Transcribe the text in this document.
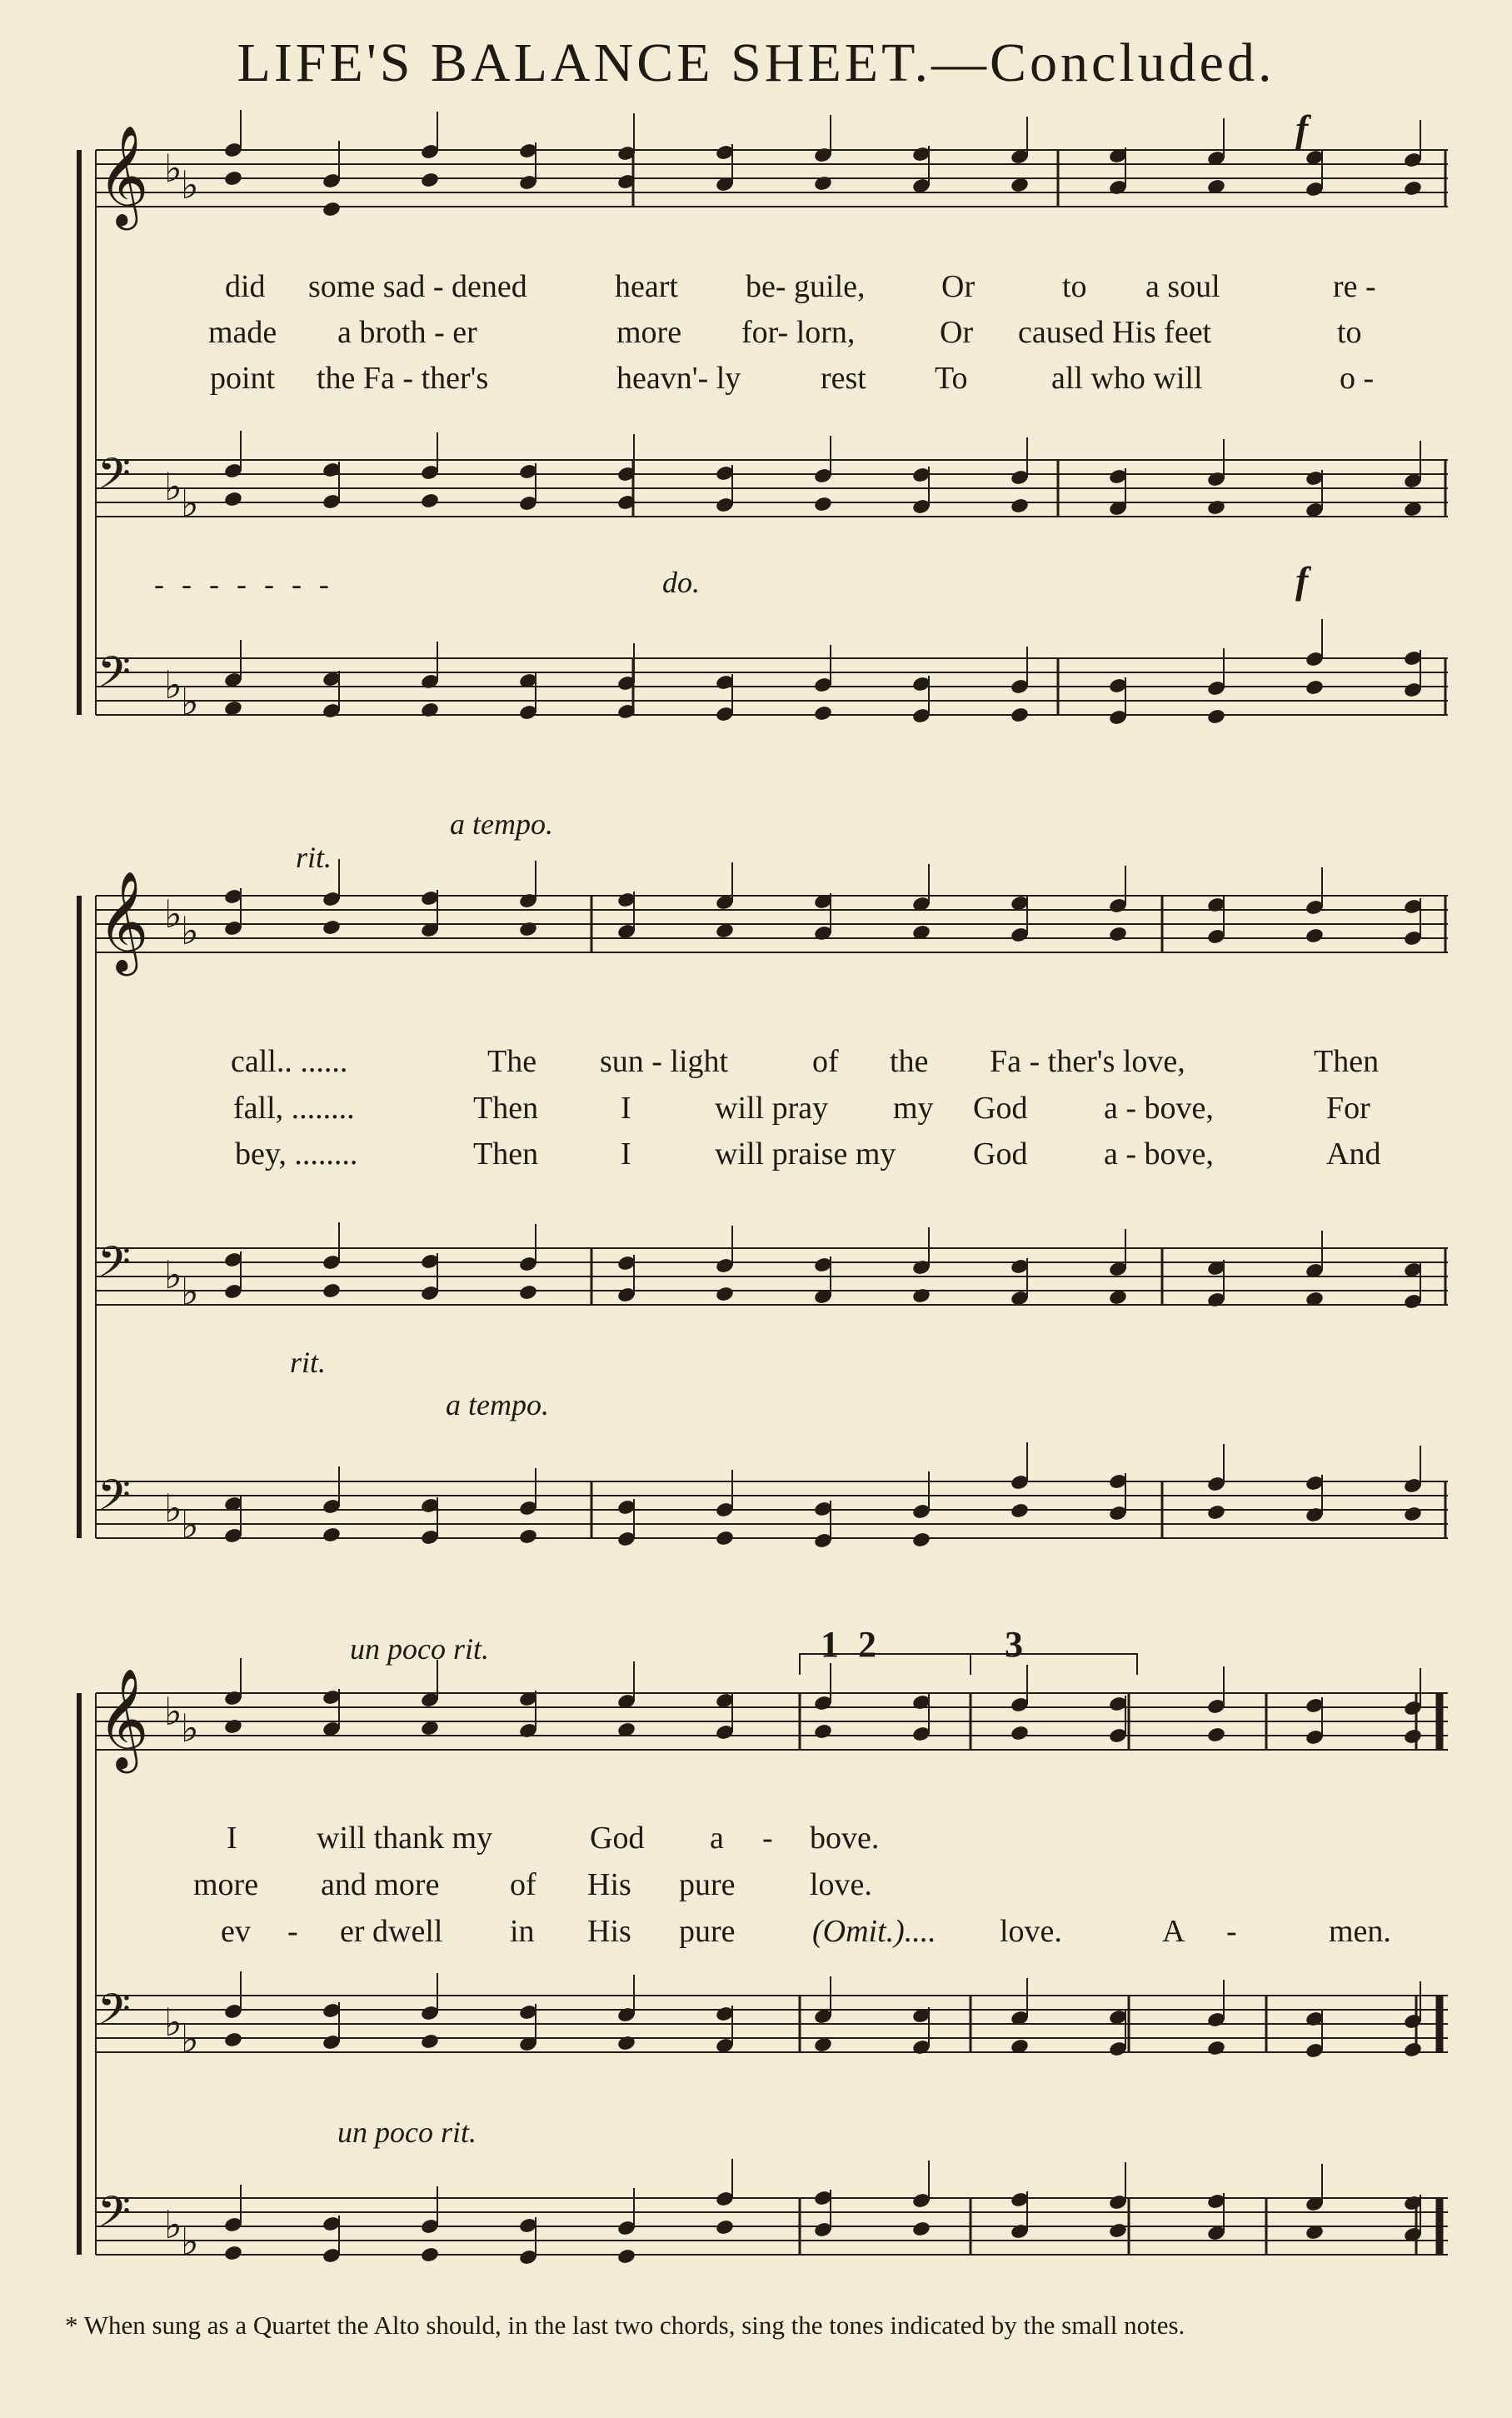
LIFE'S BALANCE SHEET.—Concluded.
𝄞 ♭
♭
𝄢 ♭
♭
𝄢 ♭
♭
𝄞 ♭
♭
𝄢 ♭
♭
𝄢 ♭
♭
𝄞 ♭
♭
𝄢 ♭
♭
𝄢 ♭
♭
did some sad - dened	heart be- guile, Or	to a soul	re -
made a broth - er	more for- lorn,	Or caused His feet	to
point the Fa - ther's	heavn'- ly	rest To	all who will	o -
f
f
- - - - - - -	do.
a tempo.
rit.
rit.
a tempo.
call.. ......	The sun - light	of the Fa - ther's love,	Then
fall, ........	Then	I	will pray my God a - bove,	For
bey, ........	Then	I	will praise my God a - bove,	And
un poco rit.
un poco rit.
1 2	3
I	will thank my	God a - bove.
more and more of His pure love.
ev - er dwell in His pure (Omit.).... love.	A -	men.
* When sung as a Quartet the Alto should, in the last two chords, sing the tones indicated by the small notes.
